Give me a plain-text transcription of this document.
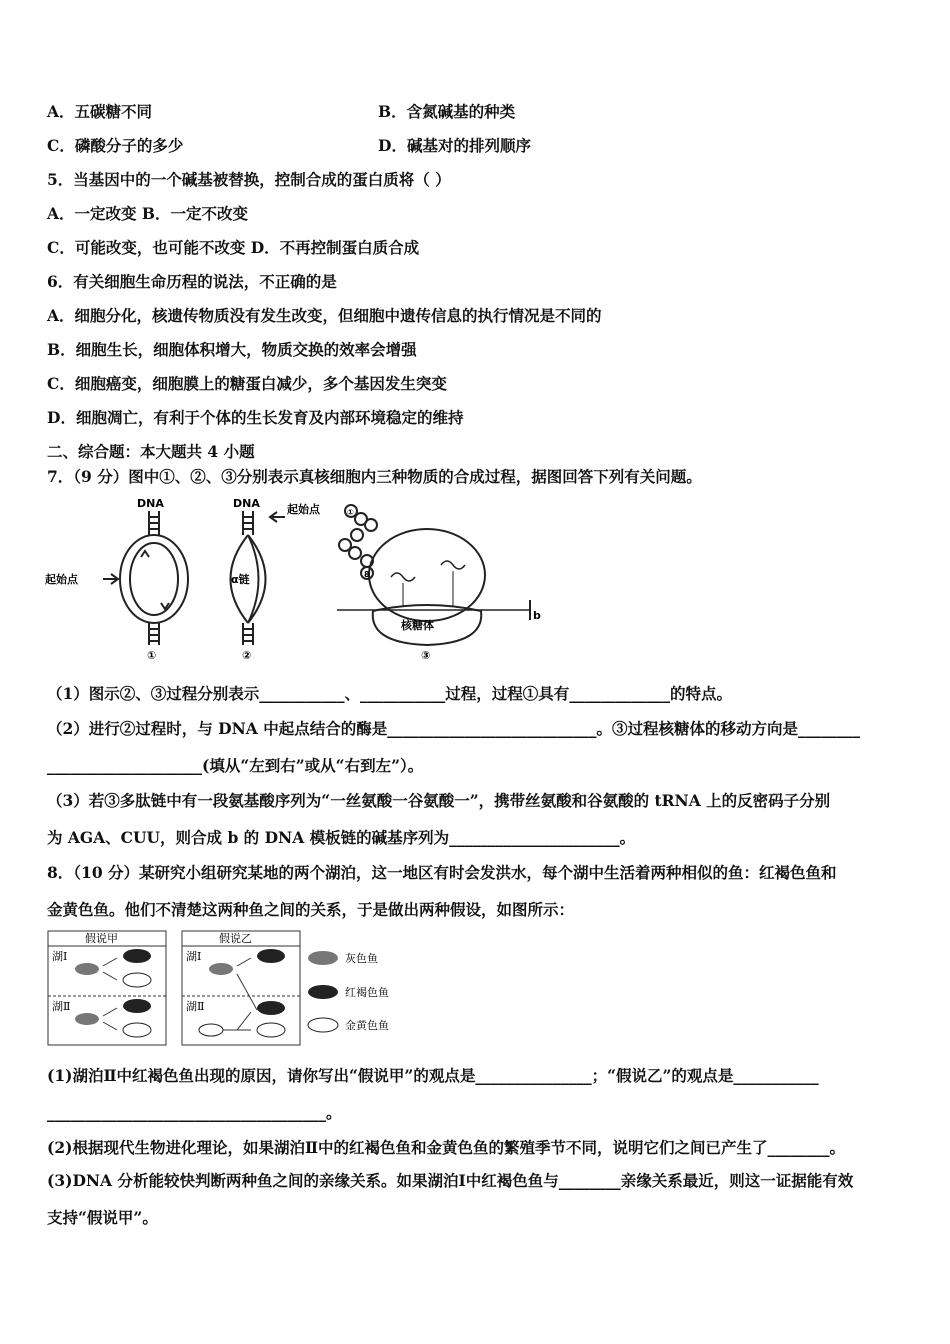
A．五碳糖不同	B．含氮碱基的种类
C．磷酸分子的多少	D．碱基对的排列顺序
5．当基因中的一个碱基被替换，控制合成的蛋白质将（ ）
A．一定改变 B．一定不改变
C．可能改变，也可能不改变 D．不再控制蛋白质合成
6．有关细胞生命历程的说法，不正确的是
A．细胞分化，核遗传物质没有发生改变，但细胞中遗传信息的执行情况是不同的
B．细胞生长，细胞体积增大，物质交换的效率会增强
C．细胞癌变，细胞膜上的糖蛋白减少，多个基因发生突变
D．细胞凋亡，有利于个体的生长发育及内部环境稳定的维持
二、综合题：本大题共 4 小题
7．（9 分）图中①、②、③分别表示真核细胞内三种物质的合成过程，据图回答下列有关问题。
DNA	DNA
起始点
起始点
α链
核糖体
①	②	③
b
①
8
（1）图示②、③过程分别表示___________、___________过程，过程①具有_____________的特点。
（2）进行②过程时，与 DNA 中起点结合的酶是___________________________。③过程核糖体的移动方向是________
____________________(填从“左到右”或从“右到左”）。
（3）若③多肽链中有一段氨基酸序列为“一丝氨酸一谷氨酸一”，携带丝氨酸和谷氨酸的 tRNA 上的反密码子分别
为 AGA、CUU，则合成 b 的 DNA 模板链的碱基序列为______________________。
8．（10 分）某研究小组研究某地的两个湖泊，这一地区有时会发洪水，每个湖中生活着两种相似的鱼：红褐色鱼和
金黄色鱼。他们不清楚这两种鱼之间的关系，于是做出两种假设，如图所示：
假说甲	假说乙
湖Ⅰ
湖Ⅱ
湖Ⅰ
湖Ⅱ
灰色鱼
红褐色鱼
金黄色鱼
(1)湖泊Ⅱ中红褐色鱼出现的原因，请你写出“假说甲”的观点是_______________；“假说乙”的观点是___________
____________________________________。
(2)根据现代生物进化理论，如果湖泊Ⅱ中的红褐色鱼和金黄色鱼的繁殖季节不同，说明它们之间已产生了________。
(3)DNA 分析能较快判断两种鱼之间的亲缘关系。如果湖泊Ⅰ中红褐色鱼与________亲缘关系最近，则这一证据能有效
支持“假说甲”。
